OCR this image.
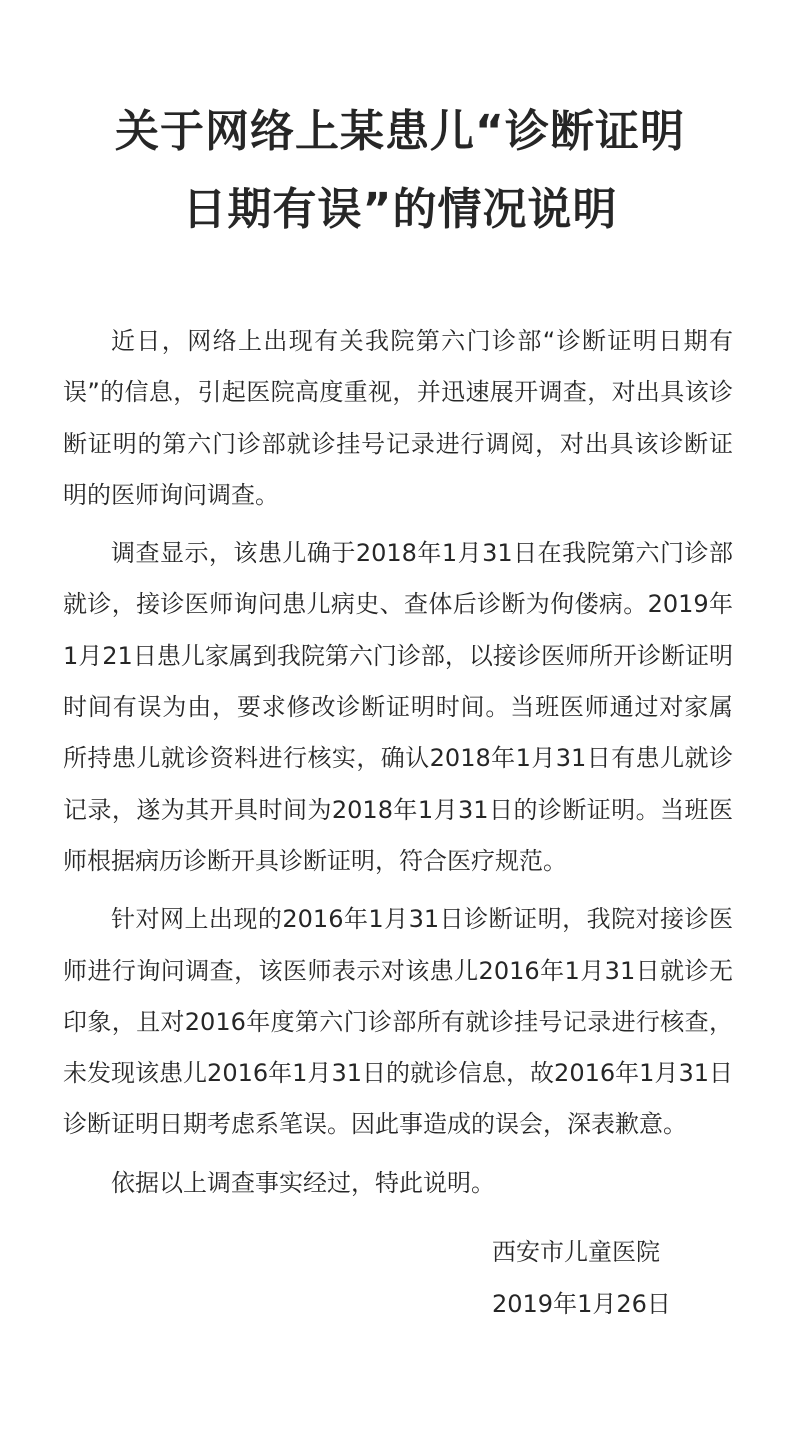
关于网络上某患儿“诊断证明
日期有误”的情况说明

近日，网络上出现有关我院第六门诊部“诊断证明日期有误”的信息，引起医院高度重视，并迅速展开调查，对出具该诊断证明的第六门诊部就诊挂号记录进行调阅，对出具该诊断证明的医师询问调查。

调查显示，该患儿确于2018年1月31日在我院第六门诊部就诊，接诊医师询问患儿病史、查体后诊断为佝偻病。2019年1月21日患儿家属到我院第六门诊部，以接诊医师所开诊断证明时间有误为由，要求修改诊断证明时间。当班医师通过对家属所持患儿就诊资料进行核实，确认2018年1月31日有患儿就诊记录，遂为其开具时间为2018年1月31日的诊断证明。当班医师根据病历诊断开具诊断证明，符合医疗规范。

针对网上出现的2016年1月31日诊断证明，我院对接诊医师进行询问调查，该医师表示对该患儿2016年1月31日就诊无印象，且对2016年度第六门诊部所有就诊挂号记录进行核查，未发现该患儿2016年1月31日的就诊信息，故2016年1月31日诊断证明日期考虑系笔误。因此事造成的误会，深表歉意。

依据以上调查事实经过，特此说明。

西安市儿童医院
2019年1月26日
